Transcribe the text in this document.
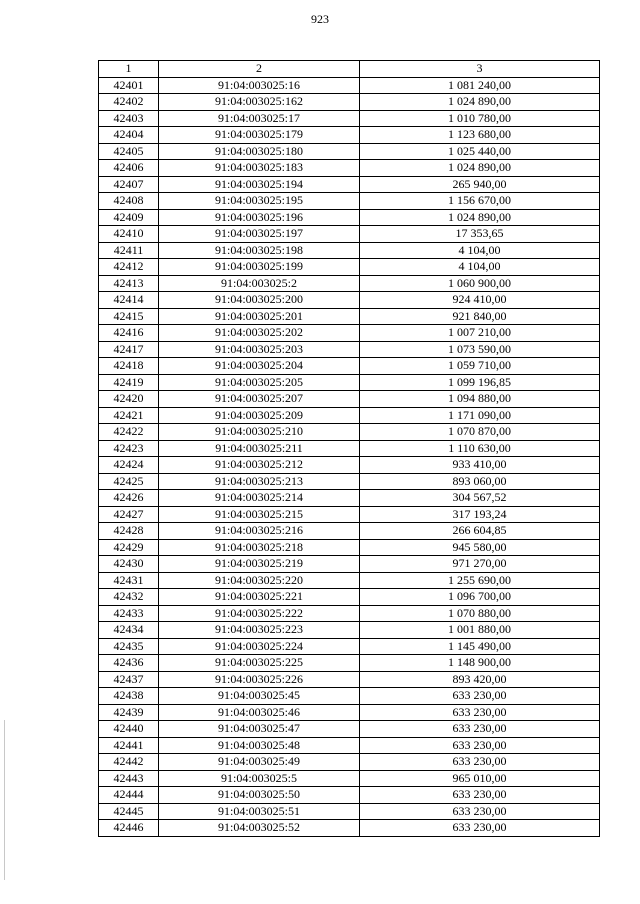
923
1	2	3
42401	91:04:003025:16	1 081 240,00
42402	91:04:003025:162	1 024 890,00
42403	91:04:003025:17	1 010 780,00
42404	91:04:003025:179	1 123 680,00
42405	91:04:003025:180	1 025 440,00
42406	91:04:003025:183	1 024 890,00
42407	91:04:003025:194	265 940,00
42408	91:04:003025:195	1 156 670,00
42409	91:04:003025:196	1 024 890,00
42410	91:04:003025:197	17 353,65
42411	91:04:003025:198	4 104,00
42412	91:04:003025:199	4 104,00
42413	91:04:003025:2	1 060 900,00
42414	91:04:003025:200	924 410,00
42415	91:04:003025:201	921 840,00
42416	91:04:003025:202	1 007 210,00
42417	91:04:003025:203	1 073 590,00
42418	91:04:003025:204	1 059 710,00
42419	91:04:003025:205	1 099 196,85
42420	91:04:003025:207	1 094 880,00
42421	91:04:003025:209	1 171 090,00
42422	91:04:003025:210	1 070 870,00
42423	91:04:003025:211	1 110 630,00
42424	91:04:003025:212	933 410,00
42425	91:04:003025:213	893 060,00
42426	91:04:003025:214	304 567,52
42427	91:04:003025:215	317 193,24
42428	91:04:003025:216	266 604,85
42429	91:04:003025:218	945 580,00
42430	91:04:003025:219	971 270,00
42431	91:04:003025:220	1 255 690,00
42432	91:04:003025:221	1 096 700,00
42433	91:04:003025:222	1 070 880,00
42434	91:04:003025:223	1 001 880,00
42435	91:04:003025:224	1 145 490,00
42436	91:04:003025:225	1 148 900,00
42437	91:04:003025:226	893 420,00
42438	91:04:003025:45	633 230,00
42439	91:04:003025:46	633 230,00
42440	91:04:003025:47	633 230,00
42441	91:04:003025:48	633 230,00
42442	91:04:003025:49	633 230,00
42443	91:04:003025:5	965 010,00
42444	91:04:003025:50	633 230,00
42445	91:04:003025:51	633 230,00
42446	91:04:003025:52	633 230,00
